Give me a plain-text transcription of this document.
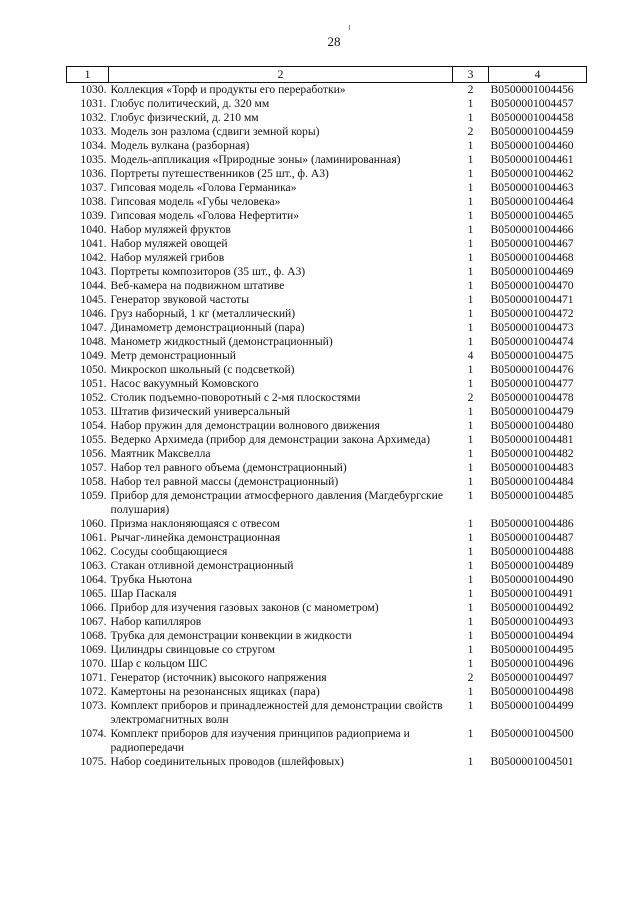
28
1	2	3	4
1030.	Коллекция «Торф и продукты его переработки»	2	B0500001004456
1031.	Глобус политический, д. 320 мм	1	B0500001004457
1032.	Глобус физический, д. 210 мм	1	B0500001004458
1033.	Модель зон разлома (сдвиги земной коры)	2	B0500001004459
1034.	Модель вулкана (разборная)	1	B0500001004460
1035.	Модель-аппликация «Природные зоны» (ламинированная)	1	B0500001004461
1036.	Портреты путешественников (25 шт., ф. А3)	1	B0500001004462
1037.	Гипсовая модель «Голова Германика»	1	B0500001004463
1038.	Гипсовая модель «Губы человека»	1	B0500001004464
1039.	Гипсовая модель «Голова Нефертити»	1	B0500001004465
1040.	Набор муляжей фруктов	1	B0500001004466
1041.	Набор муляжей овощей	1	B0500001004467
1042.	Набор муляжей грибов	1	B0500001004468
1043.	Портреты композиторов (35 шт., ф. А3)	1	B0500001004469
1044.	Веб-камера на подвижном штативе	1	B0500001004470
1045.	Генератор звуковой частоты	1	B0500001004471
1046.	Груз наборный, 1 кг (металлический)	1	B0500001004472
1047.	Динамометр демонстрационный (пара)	1	B0500001004473
1048.	Манометр жидкостный (демонстрационный)	1	B0500001004474
1049.	Метр демонстрационный	4	B0500001004475
1050.	Микроскоп школьный (с подсветкой)	1	B0500001004476
1051.	Насос вакуумный Комовского	1	B0500001004477
1052.	Столик подъемно-поворотный с 2-мя плоскостями	2	B0500001004478
1053.	Штатив физический универсальный	1	B0500001004479
1054.	Набор пружин для демонстрации волнового движения	1	B0500001004480
1055.	Ведерко Архимеда (прибор для демонстрации закона Архимеда)	1	B0500001004481
1056.	Маятник Максвелла	1	B0500001004482
1057.	Набор тел равного объема (демонстрационный)	1	B0500001004483
1058.	Набор тел равной массы (демонстрационный)	1	B0500001004484
1059.	Прибор для демонстрации атмосферного давления (Магдебургские полушария)	1	B0500001004485
1060.	Призма наклоняющаяся с отвесом	1	B0500001004486
1061.	Рычаг-линейка демонстрационная	1	B0500001004487
1062.	Сосуды сообщающиеся	1	B0500001004488
1063.	Стакан отливной демонстрационный	1	B0500001004489
1064.	Трубка Ньютона	1	B0500001004490
1065.	Шар Паскаля	1	B0500001004491
1066.	Прибор для изучения газовых законов (с манометром)	1	B0500001004492
1067.	Набор капилляров	1	B0500001004493
1068.	Трубка для демонстрации конвекции в жидкости	1	B0500001004494
1069.	Цилиндры свинцовые со стругом	1	B0500001004495
1070.	Шар с кольцом ШС	1	B0500001004496
1071.	Генератор (источник) высокого напряжения	2	B0500001004497
1072.	Камертоны на резонансных ящиках (пара)	1	B0500001004498
1073.	Комплект приборов и принадлежностей для демонстрации свойств электромагнитных волн	1	B0500001004499
1074.	Комплект приборов для изучения принципов радиоприема и радиопередачи	1	B0500001004500
1075.	Набор соединительных проводов (шлейфовых)	1	B0500001004501
